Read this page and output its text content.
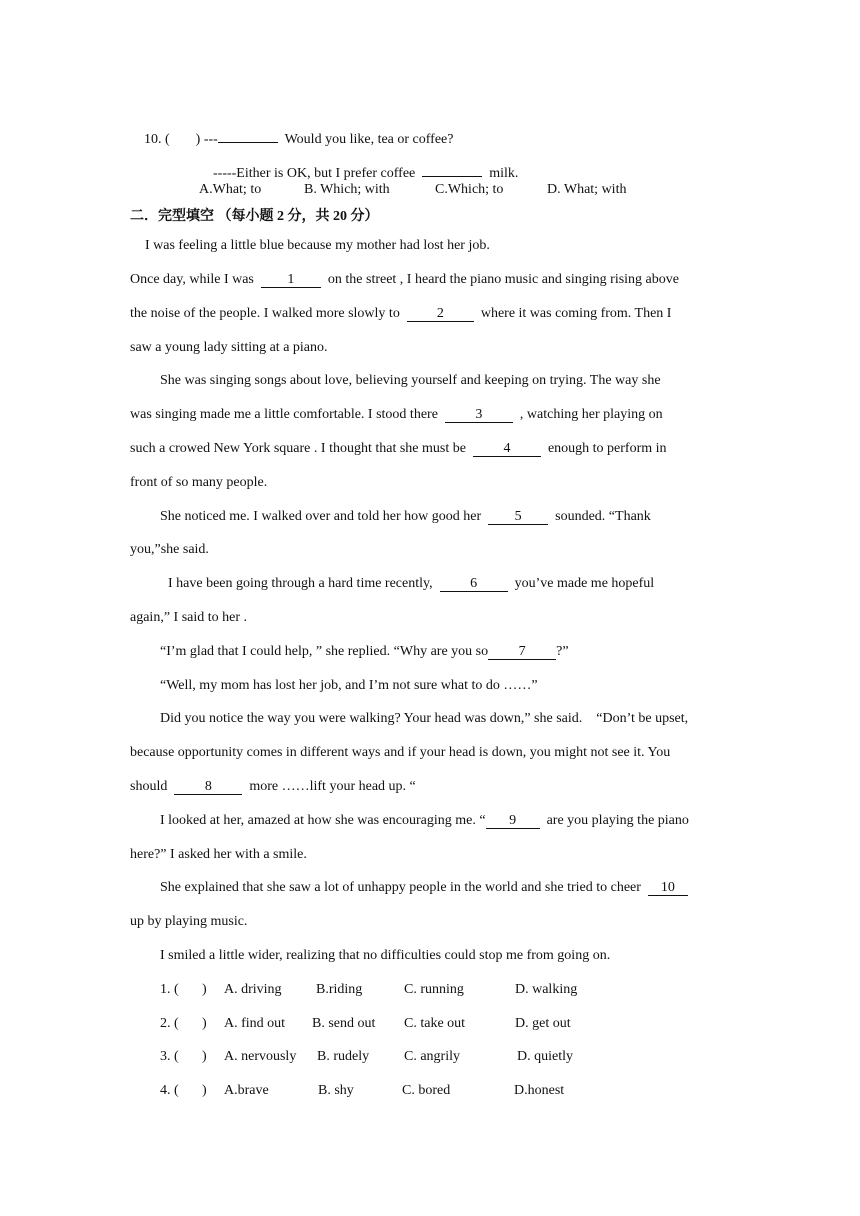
10. ( ) ---	Would you like, tea or coffee?

-----Either is OK, but I prefer coffee	milk.

A.What; to	B. Which; with	C.Which; to	D. What; with
二．完型填空 （每小题 2 分，共 20 分）
I was feeling a little blue because my mother had lost her job.
Once day, while I was 1 on the street , I heard the piano music and singing rising above
the noise of the people. I walked more slowly to	2	where it was coming from. Then I
saw a young lady sitting at a piano.
She was singing songs about love, believing yourself and keeping on trying. The way she
was singing made me a little comfortable. I stood there	3	, watching her playing on
such a crowed New York square . I thought that she must be	4	enough to perform in
front of so many people.
She noticed me. I walked over and told her how good her 5 sounded. “Thank
you,”she said.
I have been going through a hard time recently,	6	you’ve made me hopeful
again,” I said to her .
“I’m glad that I could help, ” she replied. “Why are you so 7 ?”
“Well, my mom has lost her job, and I’m not sure what to do ……”
Did you notice the way you were walking? Your head was down,” she said.    “Don’t be upset,
because opportunity comes in different ways and if your head is down, you might not see it. You
should	8	more ……lift your head up. “
I looked at her, amazed at how she was encouraging me. “ 9 are you playing the piano
here?” I asked her with a smile.
She explained that she saw a lot of unhappy people in the world and she tried to cheer 10
up by playing music.
I smiled a little wider, realizing that no difficulties could stop me from going on.
1. ( ) A. driving B.riding	C. running	D. walking
2. ( ) A. find out B. send out C. take out	D. get out
3. ( ) A. nervously B. rudely C. angrily	D. quietly
4. ( ) A.brave	B. shy	C. bored	D.honest
